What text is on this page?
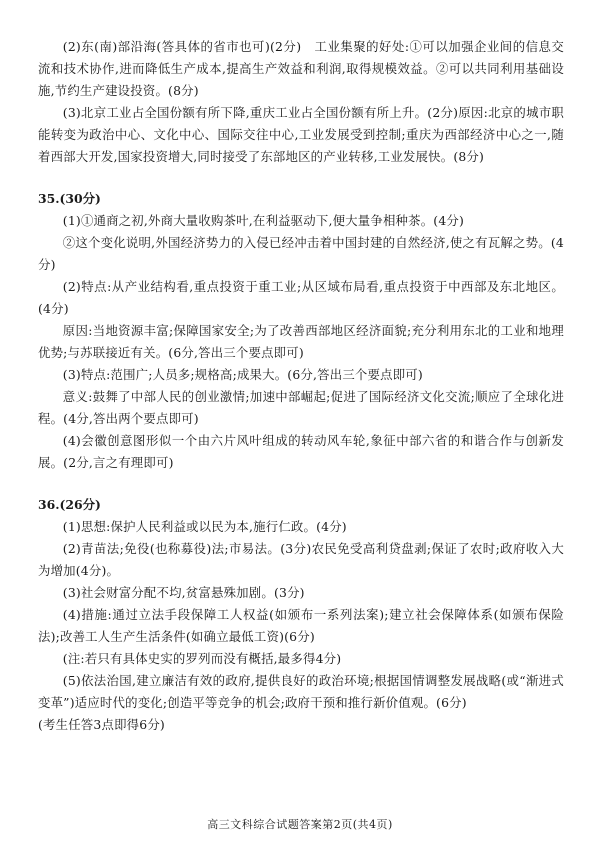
(2)东(南)部沿海(答具体的省市也可)(2分)　工业集聚的好处:①可以加强企业间的信息交流和技术协作,进而降低生产成本,提高生产效益和利润,取得规模效益。②可以共同利用基础设施,节约生产建设投资。(8分)

(3)北京工业占全国份额有所下降,重庆工业占全国份额有所上升。(2分)原因:北京的城市职能转变为政治中心、文化中心、国际交往中心,工业发展受到控制;重庆为西部经济中心之一,随着西部大开发,国家投资增大,同时接受了东部地区的产业转移,工业发展快。(8分)

35.(30分)

(1)①通商之初,外商大量收购茶叶,在利益驱动下,便大量争相种茶。(4分)

②这个变化说明,外国经济势力的入侵已经冲击着中国封建的自然经济,使之有瓦解之势。(4分)

(2)特点:从产业结构看,重点投资于重工业;从区域布局看,重点投资于中西部及东北地区。(4分)

原因:当地资源丰富;保障国家安全;为了改善西部地区经济面貌;充分利用东北的工业和地理优势;与苏联接近有关。(6分,答出三个要点即可)

(3)特点:范围广;人员多;规格高;成果大。(6分,答出三个要点即可)

意义:鼓舞了中部人民的创业激情;加速中部崛起;促进了国际经济文化交流;顺应了全球化进程。(4分,答出两个要点即可)

(4)会徽创意图形似一个由六片风叶组成的转动风车轮,象征中部六省的和谐合作与创新发展。(2分,言之有理即可)

36.(26分)

(1)思想:保护人民利益或以民为本,施行仁政。(4分)

(2)青苗法;免役(也称募役)法;市易法。(3分)农民免受高利贷盘剥;保证了农时;政府收入大为增加(4分)。

(3)社会财富分配不均,贫富悬殊加剧。(3分)

(4)措施:通过立法手段保障工人权益(如颁布一系列法案);建立社会保障体系(如颁布保险法);改善工人生产生活条件(如确立最低工资)(6分)

(注:若只有具体史实的罗列而没有概括,最多得4分)

(5)依法治国,建立廉洁有效的政府,提供良好的政治环境;根据国情调整发展战略(或“渐进式变革”)适应时代的变化;创造平等竞争的机会;政府干预和推行新价值观。(6分)

(考生任答3点即得6分)

高三文科综合试题答案第2页(共4页)
